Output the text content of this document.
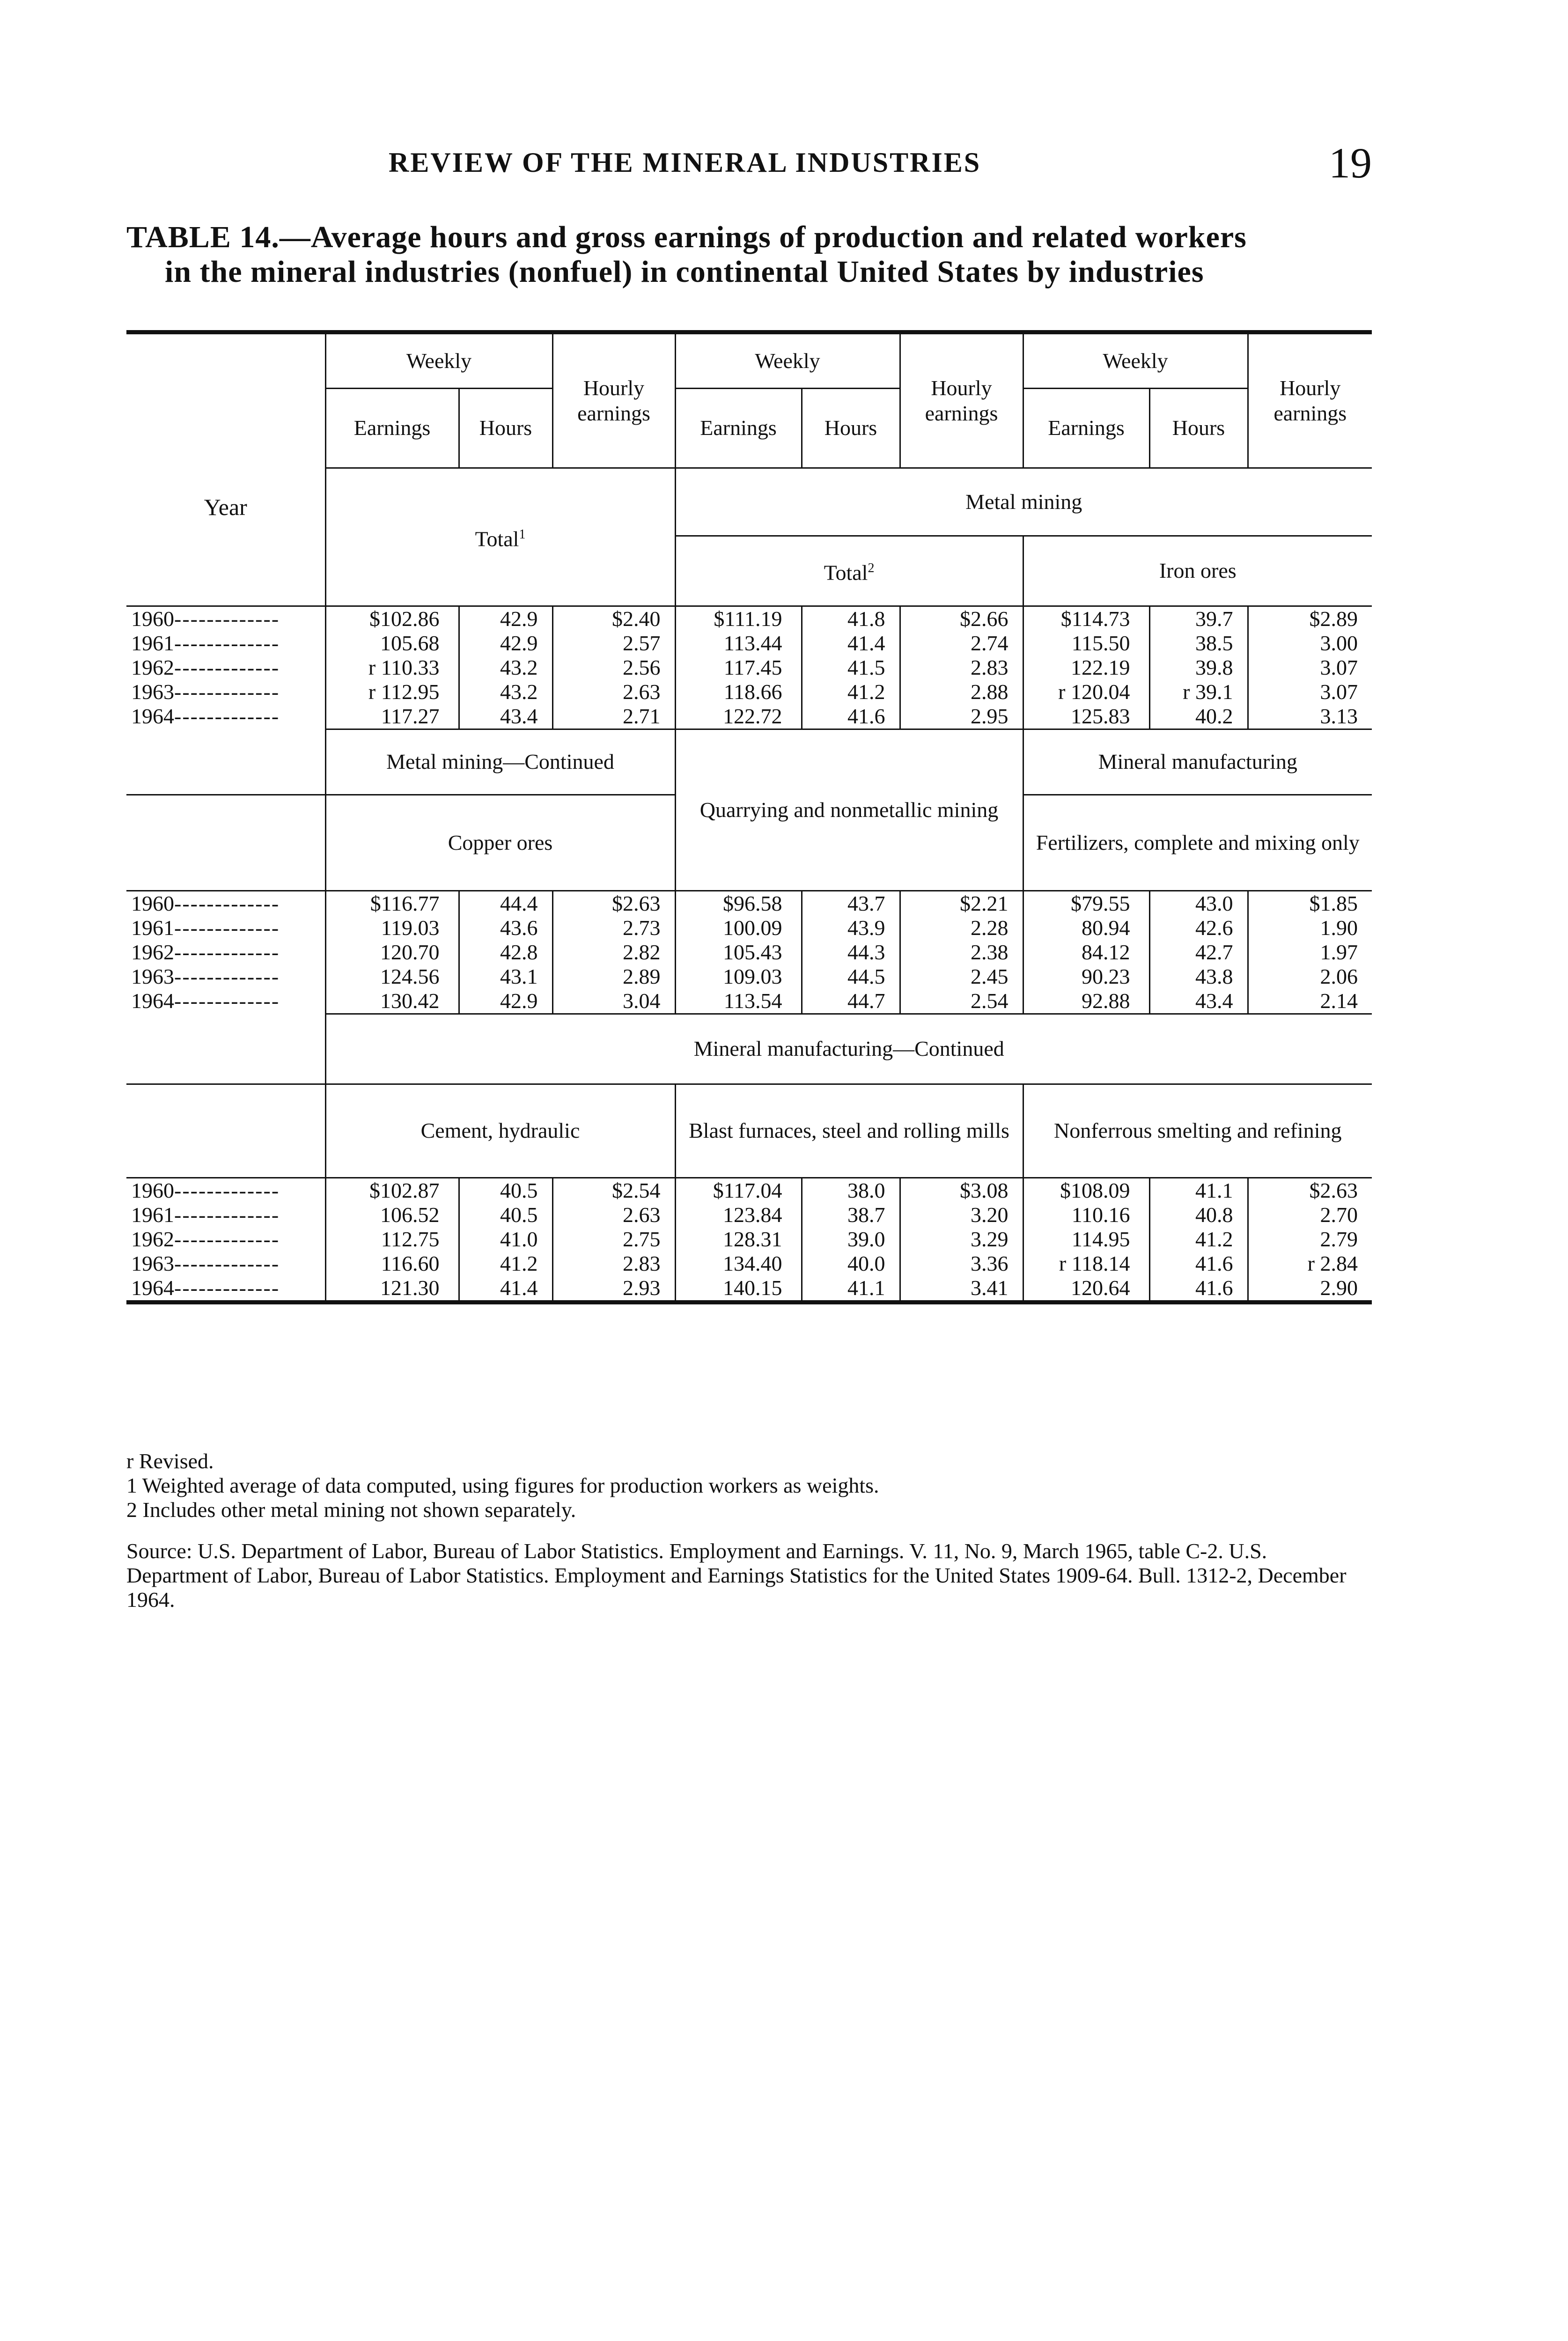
REVIEW OF THE MINERAL INDUSTRIES	19
TABLE 14.—Average hours and gross earnings of production and related workers
in the mineral industries (nonfuel) in continental United States by industries

Year	Weekly		Hourly earnings	Weekly		Hourly earnings	Weekly		Hourly earnings
	Earnings	Hours		Earnings	Hours		Earnings	Hours	
	Total$^1$			Metal mining					
				Total$^2$			Iron ores		
1960-------------	$102.86	42.9	$2.40	$111.19	41.8	$2.66	$114.73	39.7	$2.89
1961-------------	105.68	42.9	2.57	113.44	41.4	2.74	115.50	38.5	3.00
1962-------------	r 110.33	43.2	2.56	117.45	41.5	2.83	122.19	39.8	3.07
1963-------------	r 112.95	43.2	2.63	118.66	41.2	2.88	r 120.04	r 39.1	3.07
1964-------------	117.27	43.4	2.71	122.72	41.6	2.95	125.83	40.2	3.13
	Metal mining—Continued			Quarrying and nonmetallic mining			Mineral manufacturing		
	Copper ores						Fertilizers, complete and mixing only		
1960-------------	$116.77	44.4	$2.63	$96.58	43.7	$2.21	$79.55	43.0	$1.85
1961-------------	119.03	43.6	2.73	100.09	43.9	2.28	80.94	42.6	1.90
1962-------------	120.70	42.8	2.82	105.43	44.3	2.38	84.12	42.7	1.97
1963-------------	124.56	43.1	2.89	109.03	44.5	2.45	90.23	43.8	2.06
1964-------------	130.42	42.9	3.04	113.54	44.7	2.54	92.88	43.4	2.14
	Mineral manufacturing—Continued								
	Cement, hydraulic			Blast furnaces, steel and rolling mills			Nonferrous smelting and refining		
1960-------------	$102.87	40.5	$2.54	$117.04	38.0	$3.08	$108.09	41.1	$2.63
1961-------------	106.52	40.5	2.63	123.84	38.7	3.20	110.16	40.8	2.70
1962-------------	112.75	41.0	2.75	128.31	39.0	3.29	114.95	41.2	2.79
1963-------------	116.60	41.2	2.83	134.40	40.0	3.36	r 118.14	41.6	r 2.84
1964-------------	121.30	41.4	2.93	140.15	41.1	3.41	120.64	41.6	2.90

r Revised.

1 Weighted average of data computed, using figures for production workers as weights.

2 Includes other metal mining not shown separately.

Source: U.S. Department of Labor, Bureau of Labor Statistics. Employment and Earnings. V. 11, No. 9, March 1965, table C-2. U.S. Department of Labor, Bureau of Labor Statistics. Employment and Earnings Statistics for the United States 1909-64. Bull. 1312-2, December 1964.
